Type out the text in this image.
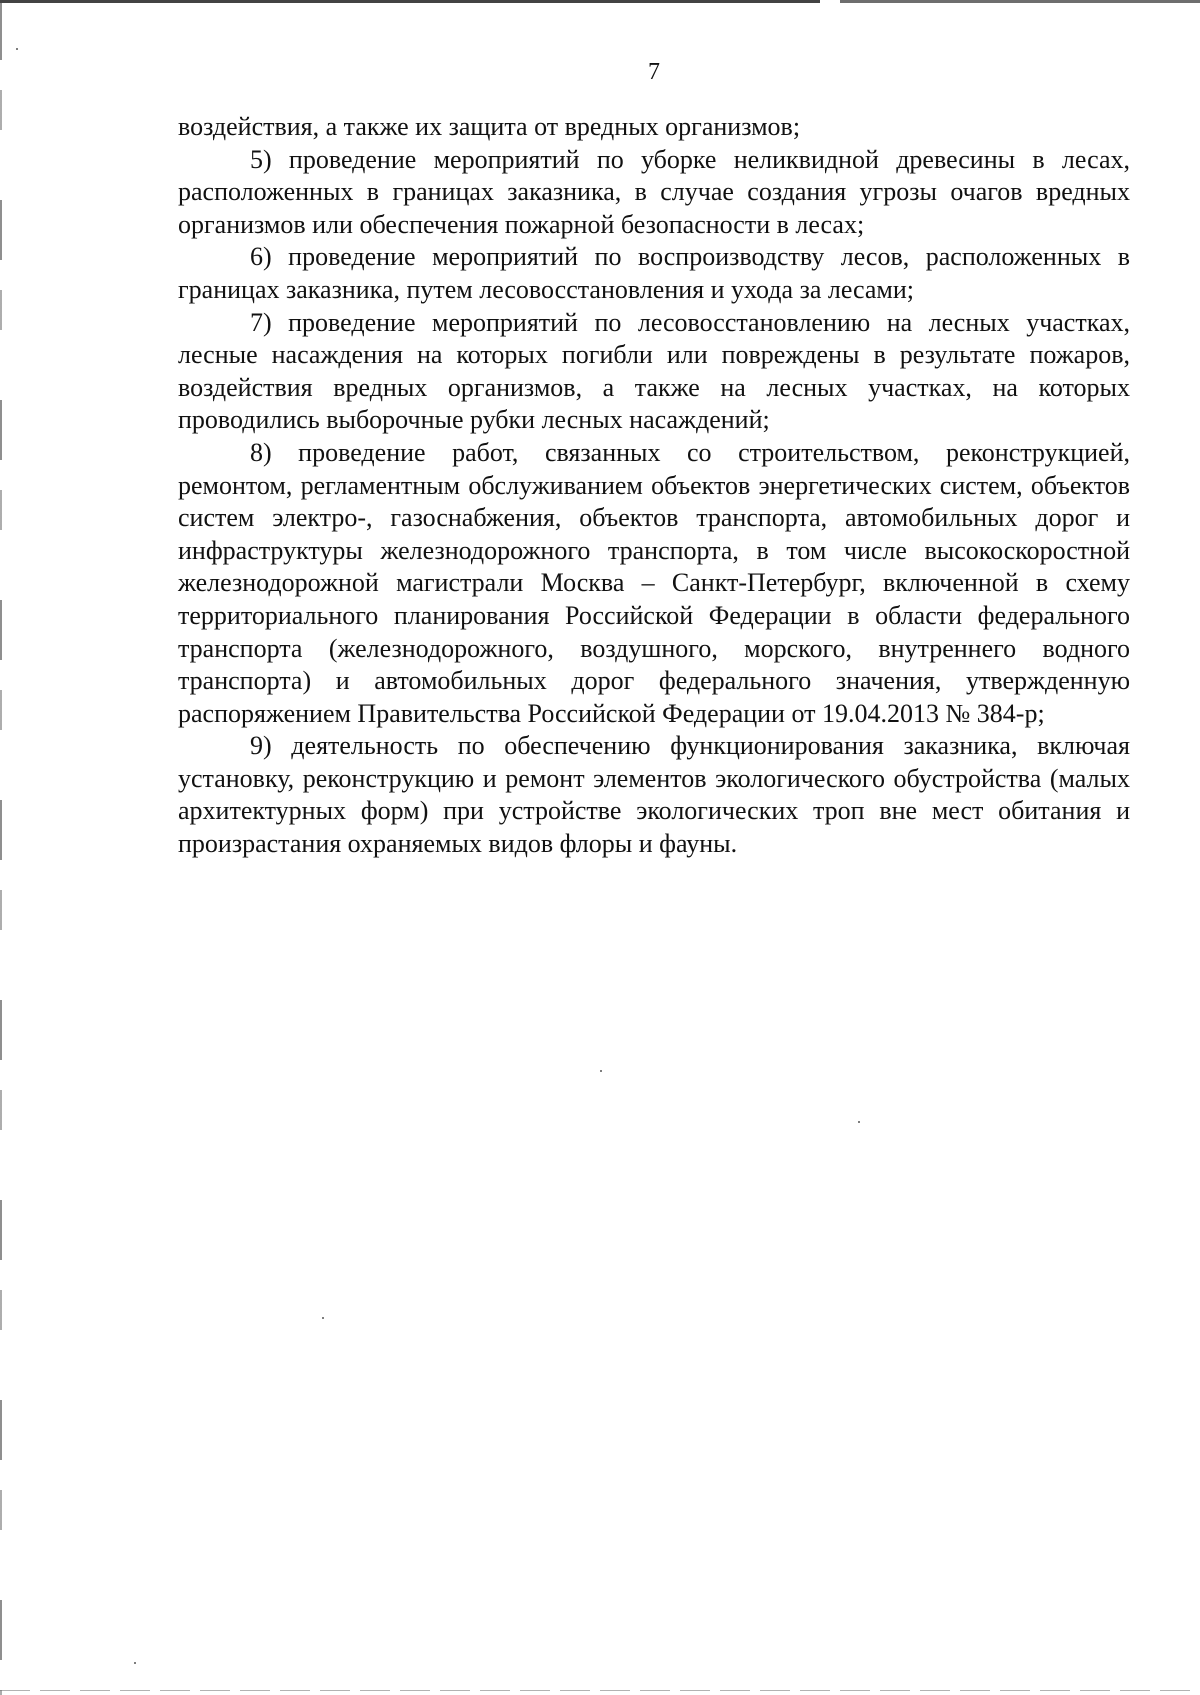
7

воздействия, а также их защита от вредных организмов;

5) проведение мероприятий по уборке неликвидной древесины в лесах, расположенных в границах заказника, в случае создания угрозы очагов вредных организмов или обеспечения пожарной безопасности в лесах;

6) проведение мероприятий по воспроизводству лесов, расположенных в границах заказника, путем лесовосстановления и ухода за лесами;

7) проведение мероприятий по лесовосстановлению на лесных участках, лесные насаждения на которых погибли или повреждены в результате пожаров, воздействия вредных организмов, а также на лесных участках, на которых проводились выборочные рубки лесных насаждений;

8) проведение работ, связанных со строительством, реконструкцией, ремонтом, регламентным обслуживанием объектов энергетических систем, объектов систем электро-, газоснабжения, объектов транспорта, автомобильных дорог и инфраструктуры железнодорожного транспорта, в том числе высокоскоростной железнодорожной магистрали Москва – Санкт-Петербург, включенной в схему территориального планирования Российской Федерации в области федерального транспорта (железнодорожного, воздушного, морского, внутреннего водного транспорта) и автомобильных дорог федерального значения, утвержденную распоряжением Правительства Российской Федерации от 19.04.2013 № 384-р;

9) деятельность по обеспечению функционирования заказника, включая установку, реконструкцию и ремонт элементов экологического обустройства (малых архитектурных форм) при устройстве экологических троп вне мест обитания и произрастания охраняемых видов флоры и фауны.
